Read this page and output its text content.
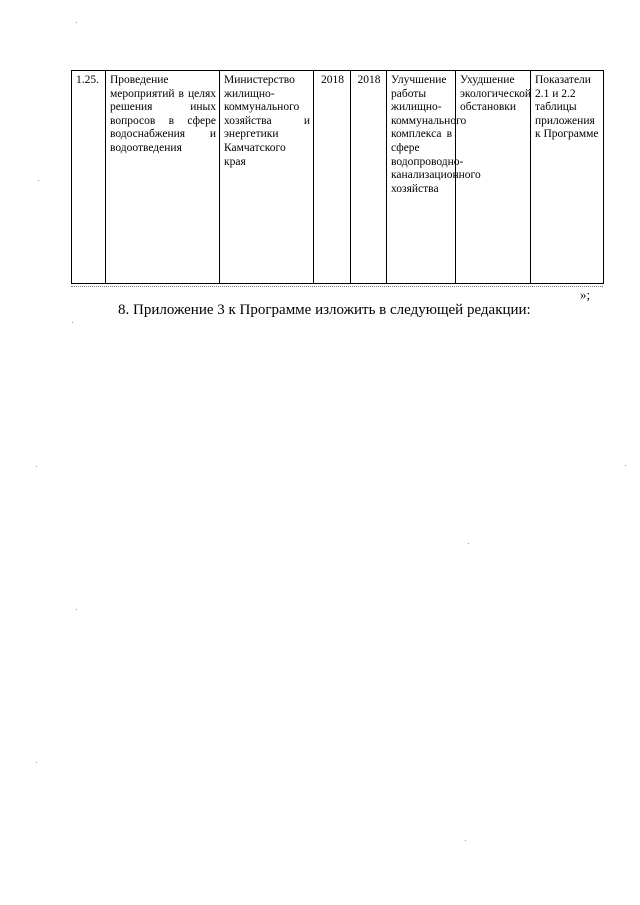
1.25.	Проведение мероприятий в целях решения иных вопросов в сфере водоснабжения и водоотведения	Министерство жилищно-коммунального хозяйства и энергетики Камчатского края	2018	2018	Улучшение работы жилищно-коммунального комплекса в сфере водопроводно-канализационного хозяйства	Ухудшение экологической обстановки	Показатели 2.1 и 2.2 таблицы приложения к Программе
»;
8. Приложение 3 к Программе изложить в следующей редакции:
